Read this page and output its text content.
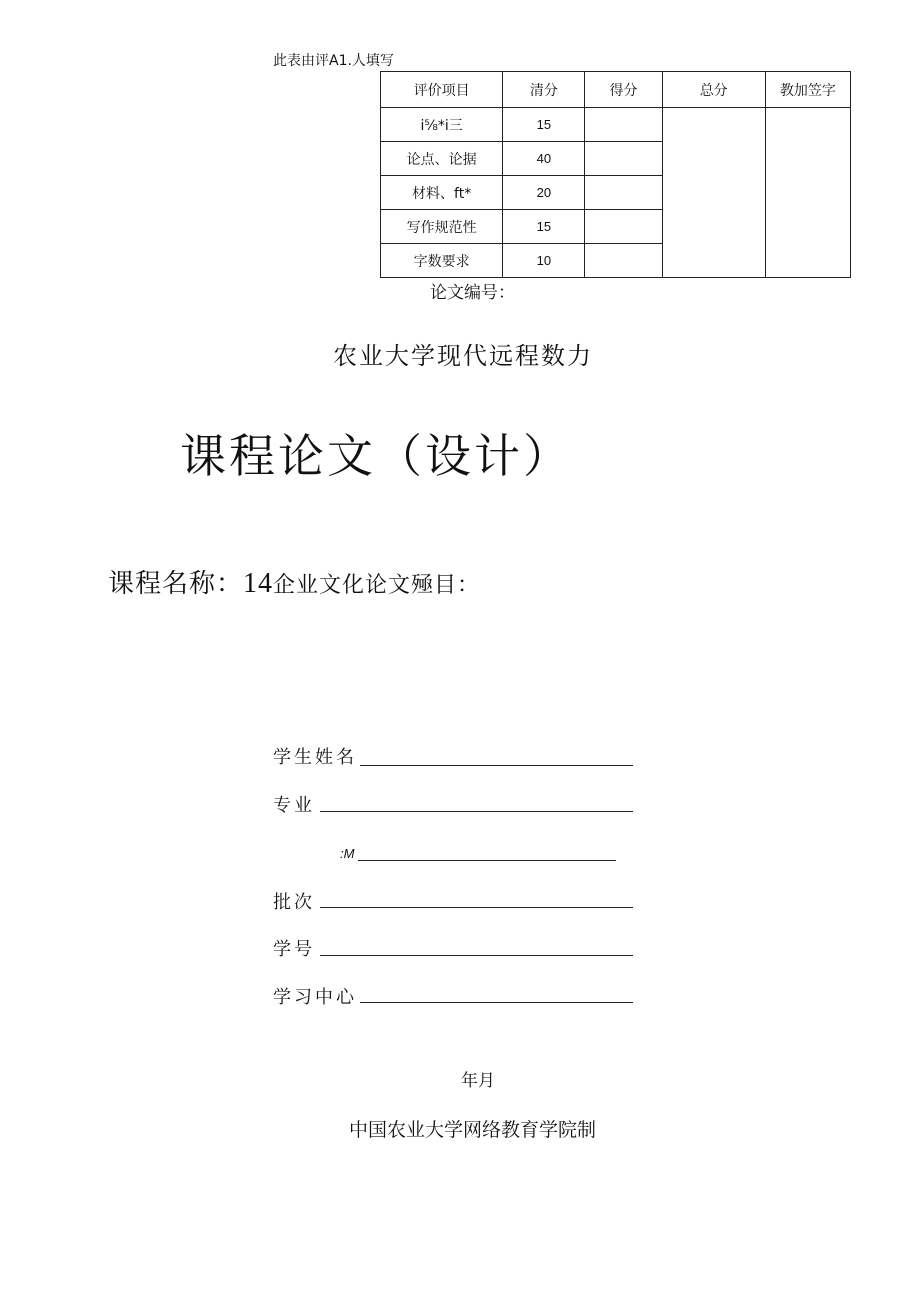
此表由评A1.人填写
评价项目	清分	得分	总分	教加笠字
i⅝*i三	15			
论点、论据	40			
材料、ft*	20			
写作规范性	15			
字数要求	10			
论文编号：
农业大学现代远程数力
课程论文（设计）
课程名称：14企业文化论文殛目：
学生姓名
专业
:M
批次
学号
学习中心
年月
中国农业大学网络教育学院制
